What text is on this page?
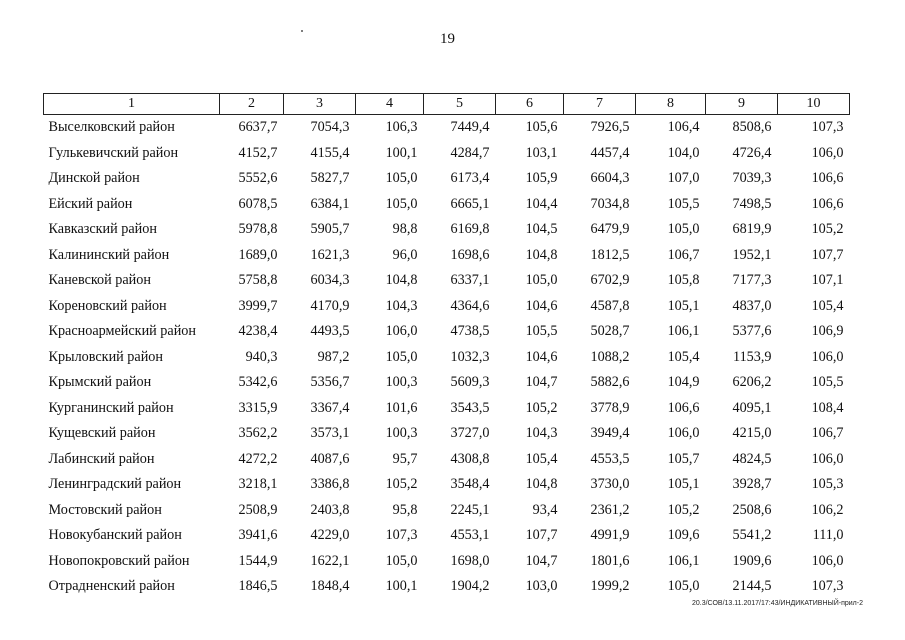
19
1	2	3	4	5	6	7	8	9	10
Выселковский район	6637,7	7054,3	106,3	7449,4	105,6	7926,5	106,4	8508,6	107,3
Гулькевичский район	4152,7	4155,4	100,1	4284,7	103,1	4457,4	104,0	4726,4	106,0
Динской район	5552,6	5827,7	105,0	6173,4	105,9	6604,3	107,0	7039,3	106,6
Ейский район	6078,5	6384,1	105,0	6665,1	104,4	7034,8	105,5	7498,5	106,6
Кавказский район	5978,8	5905,7	98,8	6169,8	104,5	6479,9	105,0	6819,9	105,2
Калининский район	1689,0	1621,3	96,0	1698,6	104,8	1812,5	106,7	1952,1	107,7
Каневской район	5758,8	6034,3	104,8	6337,1	105,0	6702,9	105,8	7177,3	107,1
Кореновский район	3999,7	4170,9	104,3	4364,6	104,6	4587,8	105,1	4837,0	105,4
Красноармейский район	4238,4	4493,5	106,0	4738,5	105,5	5028,7	106,1	5377,6	106,9
Крыловский район	940,3	987,2	105,0	1032,3	104,6	1088,2	105,4	1153,9	106,0
Крымский район	5342,6	5356,7	100,3	5609,3	104,7	5882,6	104,9	6206,2	105,5
Курганинский район	3315,9	3367,4	101,6	3543,5	105,2	3778,9	106,6	4095,1	108,4
Кущевский район	3562,2	3573,1	100,3	3727,0	104,3	3949,4	106,0	4215,0	106,7
Лабинский район	4272,2	4087,6	95,7	4308,8	105,4	4553,5	105,7	4824,5	106,0
Ленинградский район	3218,1	3386,8	105,2	3548,4	104,8	3730,0	105,1	3928,7	105,3
Мостовский район	2508,9	2403,8	95,8	2245,1	93,4	2361,2	105,2	2508,6	106,2
Новокубанский район	3941,6	4229,0	107,3	4553,1	107,7	4991,9	109,6	5541,2	111,0
Новопокровский район	1544,9	1622,1	105,0	1698,0	104,7	1801,6	106,1	1909,6	106,0
Отрадненский район	1846,5	1848,4	100,1	1904,2	103,0	1999,2	105,0	2144,5	107,3
20.3/СОВ/13.11.2017/17:43/ИНДИКАТИВНЫЙ-прил-2
